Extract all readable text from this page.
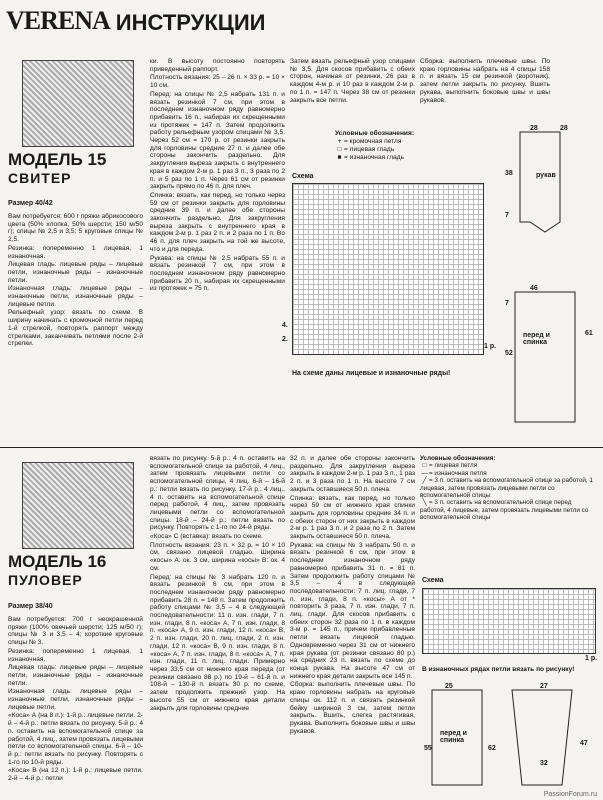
VERENA ИНСТРУКЦИИ
МОДЕЛЬ 15
СВИТЕР
Размер 40/42

Вам потребуется: 600 г пряжи абрикосового цвета (50% хлопка, 50% шерсти; 150 м/50 г); спицы № 2,5 и 3,5; 5 круговые спицы № 2,5.

Резинка: попеременно 1 лицевая, 1 изнаночная.

Лицевая гладь: лицевые ряды – лицевые петли, изнаночные ряды – изнаночные петли.

Изнаночная гладь: лицевые ряды – изнаночные петли, изнаночные ряды – лицевые петли.

Рельефный узор: вязать по схеме. В ширину начинать с кромочной петли перед 1-й стрелкой, повторять раппорт между стрелками, заканчивать петлями после 2-й стрелки.

ки. В высоту постоянно повторять приведенный раппорт.

Плотность вязания: 25 – 26 п. × 33 р. = 10 × 10 см.

Перед: на спицы № 2,5 набрать 131 п. и вязать резинкой 7 см, при этом в последнем изнаночном ряду равномерно прибавить 16 п., набирая их скрещенными из протяжек = 147 п. Затем продолжить работу рельефным узором спицами № 3,5. Через 52 см = 170 р. от резинки закрыть для горловины средние 27 п. и далее обе стороны закончить раздельно. Для закругления выреза закрыть с внутреннего края в каждом 2-м р. 1 раз 3 п., 3 раза по 2 п. и 5 раз по 1 п. Через 61 см от резинки закрыть прямо по 46 п. для плеч.

Спинка: вязать, как перед, но только через 59 см от резинки закрыть для горловины средние 39 п. и далее обе стороны закончить раздельно. Для закругления выреза закрыть с внутреннего края в каждом 2-м р. 1 раз 2 п. и 2 раза по 1 п. Во 46 п. для плеч закрыть на той же высоте, что и для переда.

Рукава: на спицы № 2,5 набрать 55 п. и вязать резинкой 7 см, при этом в последнем изнаночном ряду равномерно прибавить 20 п., набирая их скрещенными из протяжек = 75 п.

Затем вязать рельефный узор спицами № 3,5. Для скосов прибавить с обеих сторон, начиная от резинки, 26 раз в каждом 4-м р. и 10 раз в каждом 2-м р. по 1 п. = 147 п. Через 38 см от резинки закрыть все петли.

Сборка: выполнить плечевые швы. По краю горловины набрать на 4 спицы 158 п. и вязать 15 см резинкой (воротник), затем петли закрыть по рисунку. Вшить рукава, выполнить боковые швы и швы рукавов.

Условные обозначения:
+ = кромочная петля
□ = лицевая гладь
■ = изнаночная гладь
Схема
4.
2.
1 р.
На схеме даны лицевые и изнаночные ряды!
рукав
перед и спинка
28
38
7
46
7
52
61
28
МОДЕЛЬ 16
ПУЛОВЕР
Размер 38/40

Вам потребуется: 700 г неокрашенной пряжи (100% овечьей шерсти; 125 м/50 г); спицы № 3 и 3,5 – 4; короткие круговые спицы № 3.

Резинка: попеременно 1 лицевая, 1 изнаночная.

Лицевая гладь: лицевые ряды – лицевые петли, изнаночные ряды – изнаночные петли.

Изнаночная гладь: лицевые ряды – изнаночные петли, изнаночные ряды – лицевые петли.

«Коса» А (на 8 п.): 1-й р.: лицевые петли. 2-й – 4-й р.: петли вязать по рисунку. 5-й р.: 4 п. оставить на вспомогательной спице за работой, 4 лиц., затем провязать лицевыми петли со вспомогательной спицы. 6-й – 10-й р.: петли вязать по рисунку. Повторять с 1-го по 10-й ряды.

«Коса» В (на 12 п.): 1-й р.: лицевые петли. 2-й – 4-й р.: петли

вязать по рисунку. 5-й р.: 4 п. оставить на вспомогательной спице за работой, 4 лиц., затем провязать лицевыми петли со вспомогательной спицы, 4 лиц. 6-й – 16-й р.: петли вязать по рисунку. 17-й р.: 4 лиц., 4 п. оставить на вспомогательной спице перед работой, 4 лиц., затем провязать лицевыми петли со вспомогательной спицы. 18-й – 24-й р.: петли вязать по рисунку. Повторять с 1-го по 24-й ряды.

«Коса» С (вставка): вязать по схеме.

Плотность вязания: 23 п. × 32 р. = 10 × 10 см, связано лицевой гладью. Ширина «косы» А: ок. 3 см, ширина «косы» В: ок. 4 см.

Перед: на спицы № 3 набрать 120 п. и вязать резинкой 6 см, при этом в последнем изнаночном ряду равномерно прибавить 28 п. = 148 п. Затем продолжить работу спицами № 3,5 – 4 в следующей последовательности: 11 п. изн. глади, 7 п. изн. глади, 8 п. «коса» А, 7 п. изн. глади, 8 п. «коса» А, 9 п. изн. глади, 12 п. «коса» В, 2 п. изн. глади, 20 п. лиц. глади, 2 п. изн. глади, 12 п. «коса» В, 9 п. изн. глади, 8 п. «коса» А, 7 п. изн. глади, 8 п. «коса» А, 7 п. изн. глади, 11 п. лиц. глади. Примерно через 33,5 см от нижнего края переда (от резинки связано 88 р.) по 19-й – 61-й п. и 108-й – 130-й п. вязать 30 р. по схеме, затем продолжить прежний узор. На высоте 55 см от нижнего края детали закрыть для горловины средние

32 п. и далее обе стороны закончить раздельно. Для закругления выреза закрыть в каждом 2-м р. 1 раз 3 п., 1 раз 2 п. и 3 раза по 1 п. На высоте 7 см закрыть оставшиеся 50 п. плеча.

Спинка: вязать, как перед, но только через 59 см от нижнего края спинки закрыть для горловины средние 34 п. и с обеих сторон от них закрыть в каждом 2-м р. 1 раз 3 п. и 2 раза по 2 п. Затем закрыть оставшиеся 50 п. плеча.

Рукава: на спицы № 3 набрать 50 п. и вязать резинкой 6 см, при этом в последнем изнаночном ряду равномерно прибавить 31 п. = 81 п. Затем продолжить работу спицами № 3,5 – 4 в следующей последовательности: 7 п. лиц. глади, 7 п. изн. глади, 8 п. «косы» А от * повторить 3 раза, 7 п. изн. глади, 7 п. лиц. глади. Для скосов прибавить с обеих сторон 32 раза по 1 п. в каждом 3-м р. = 145 п., причем прибавленные петли вязать лицевой гладью. Одновременно через 31 см от нижнего края рукава (от резинки связано 80 р.) на средних 23 п. вязать по схеме до конца рукава. На высоте 47 см от нижнего края детали закрыть все 145 п.

Сборка: выполнить плечевые швы. По краю горловины набрать на круговые спицы ок. 112 п. и связать резинкой бейку шириной 3 см, затем петли закрыть. Вшить, слегка растягивая, рукава. Выполнить боковые швы и швы рукавов.

Условные обозначения:
□ = лицевая петля
—= изнаночная петля
╱ = 3 п. оставить на вспомогательной спице за работой, 1 лицевая, затем провязать лицевыми петли со вспомогательной спицы
╲ = 3 п. оставить на вспомогательной спице перед работой, 4 лицевые, затем провязать лицевыми петли со вспомогательной спицы
Схема
1 р.
В изнаночных рядах петли вязать по рисунку!
перед и спинка
25	27
55	62
32
47
PassionForum.ru
